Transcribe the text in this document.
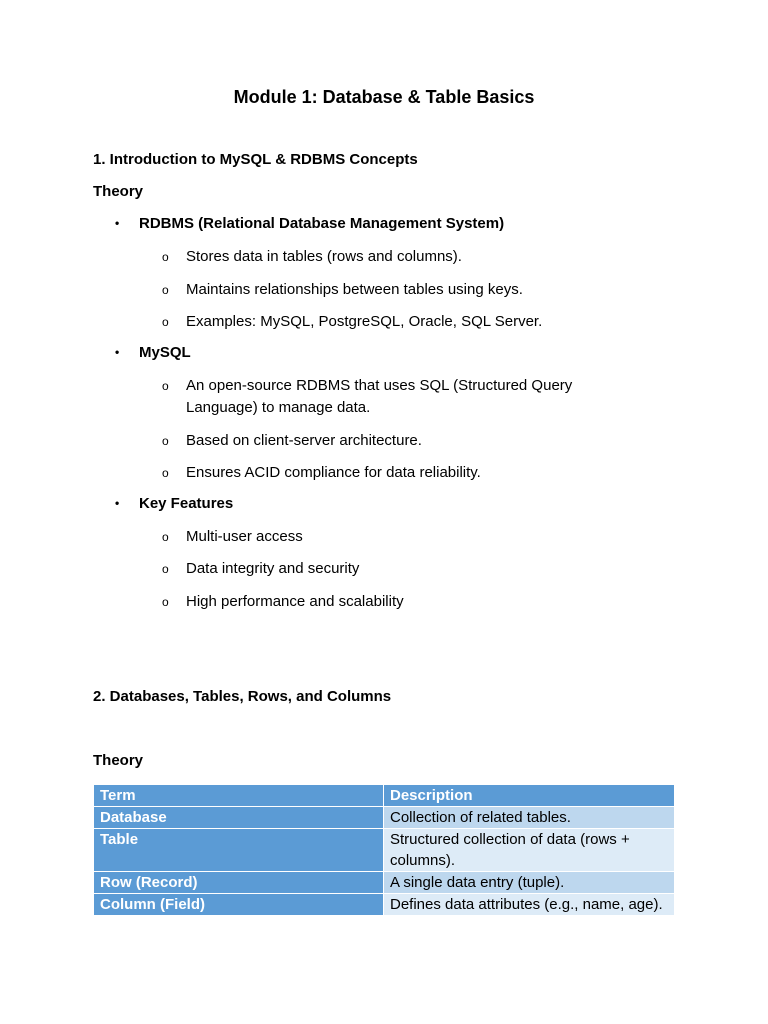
Module 1: Database & Table Basics
1. Introduction to MySQL & RDBMS Concepts
Theory
• RDBMS (Relational Database Management System)
o Stores data in tables (rows and columns).
o Maintains relationships between tables using keys.
o Examples: MySQL, PostgreSQL, Oracle, SQL Server.
• MySQL
o An open-source RDBMS that uses SQL (Structured Query Language) to manage data.
o Based on client-server architecture.
o Ensures ACID compliance for data reliability.
• Key Features
o Multi-user access
o Data integrity and security
o High performance and scalability
2. Databases, Tables, Rows, and Columns
Theory
Term	Description
Database	Collection of related tables.
Table	Structured collection of data (rows + columns).
Row (Record)	A single data entry (tuple).
Column (Field)	Defines data attributes (e.g., name, age).
